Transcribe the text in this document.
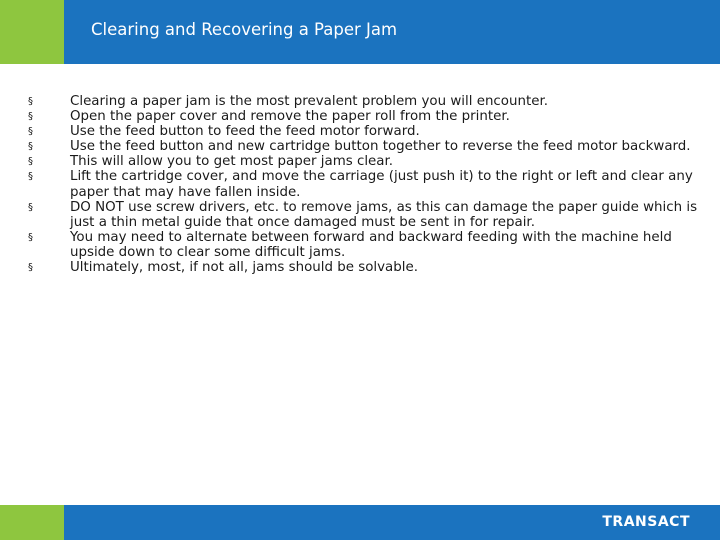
Clearing and Recovering a Paper Jam
§	Clearing a paper jam is the most prevalent problem you will encounter.
§	Open the paper cover and remove the paper roll from the printer.
§	Use the feed button to feed the feed motor forward.
§	Use the feed button and new cartridge button together to reverse the feed motor backward.
§	This will allow you to get most paper jams clear.
§	Lift the cartridge cover, and move the carriage (just push it) to the right or left and clear any paper that may have fallen inside.
§	DO NOT use screw drivers, etc. to remove jams, as this can damage the paper guide which is just a thin metal guide that once damaged must be sent in for repair.
§	You may need to alternate between forward and backward feeding with the machine held upside down to clear some difficult jams.
§	Ultimately, most, if not all, jams should be solvable.
TRANSACT
